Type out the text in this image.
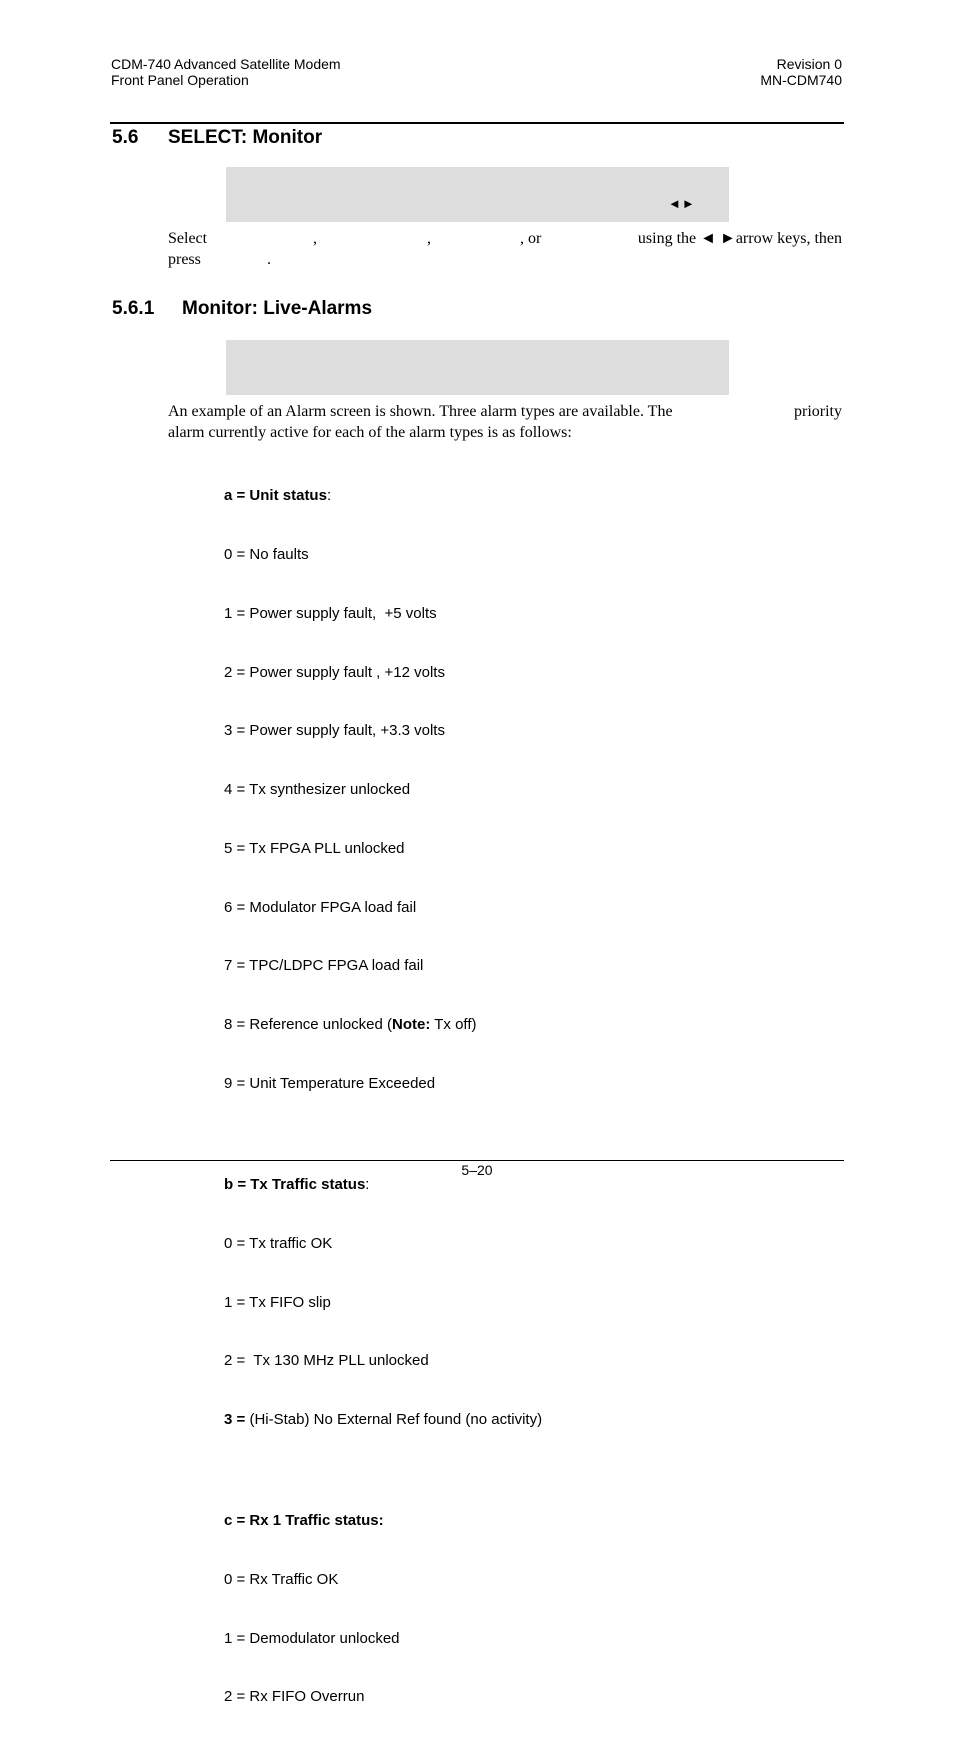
CDM-740 Advanced Satellite Modem
Front Panel Operation
Revision 0
MN-CDM740
5.6 SELECT: Monitor
◄►
Select	,	,	, or	using the ◄ ►arrow keys, then
press	.
5.6.1 Monitor: Live-Alarms
An example of an Alarm screen is shown. Three alarm types are available. The	priority
alarm currently active for each of the alarm types is as follows:

a = Unit status:

0 = No faults

1 = Power supply fault,  +5 volts

2 = Power supply fault , +12 volts

3 = Power supply fault, +3.3 volts

4 = Tx synthesizer unlocked

5 = Tx FPGA PLL unlocked

6 = Modulator FPGA load fail

7 = TPC/LDPC FPGA load fail

8 = Reference unlocked (Note: Tx off)

9 = Unit Temperature Exceeded

b = Tx Traffic status:

0 = Tx traffic OK

1 = Tx FIFO slip

2 =  Tx 130 MHz PLL unlocked

3 = (Hi-Stab) No External Ref found (no activity)

c = Rx 1 Traffic status:

0 = Rx Traffic OK

1 = Demodulator unlocked

2 = Rx FIFO Overrun

5–20
